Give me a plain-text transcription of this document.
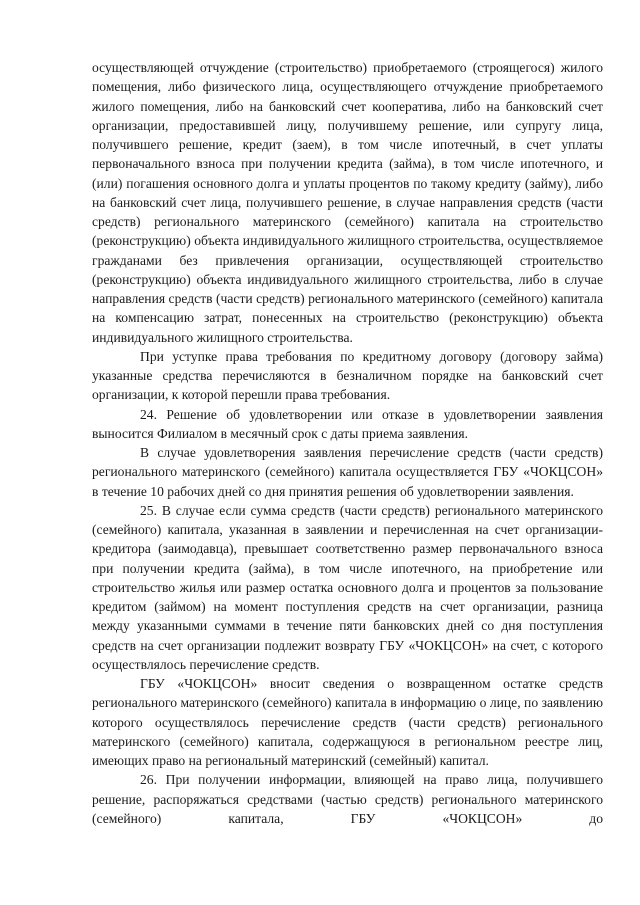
осуществляющей отчуждение (строительство) приобретаемого (строящегося) жилого помещения, либо физического лица, осуществляющего отчуждение приобретаемого жилого помещения, либо на банковский счет кооператива, либо на банковский счет организации, предоставившей лицу, получившему решение, или супругу лица, получившего решение, кредит (заем), в том числе ипотечный, в счет уплаты первоначального взноса при получении кредита (займа), в том числе ипотечного, и (или) погашения основного долга и уплаты процентов по такому кредиту (займу), либо на банковский счет лица, получившего решение, в случае направления средств (части средств) регионального материнского (семейного) капитала на строительство (реконструкцию) объекта индивидуального жилищного строительства, осуществляемое гражданами без привлечения организации, осуществляющей строительство (реконструкцию) объекта индивидуального жилищного строительства, либо в случае направления средств (части средств) регионального материнского (семейного) капитала на компенсацию затрат, понесенных на строительство (реконструкцию) объекта индивидуального жилищного строительства.

При уступке права требования по кредитному договору (договору займа) указанные средства перечисляются в безналичном порядке на банковский счет организации, к которой перешли права требования.

24. Решение об удовлетворении или отказе в удовлетворении заявления выносится Филиалом в месячный срок с даты приема заявления.

В случае удовлетворения заявления перечисление средств (части средств) регионального материнского (семейного) капитала осуществляется ГБУ «ЧОКЦСОН» в течение 10 рабочих дней со дня принятия решения об удовлетворении заявления.

25. В случае если сумма средств (части средств) регионального материнского (семейного) капитала, указанная в заявлении и перечисленная на счет организации-кредитора (заимодавца), превышает соответственно размер первоначального взноса при получении кредита (займа), в том числе ипотечного, на приобретение или строительство жилья или размер остатка основного долга и процентов за пользование кредитом (займом) на момент поступления средств на счет организации, разница между указанными суммами в течение пяти банковских дней со дня поступления средств на счет организации подлежит возврату ГБУ «ЧОКЦСОН» на счет, с которого осуществлялось перечисление средств.

ГБУ «ЧОКЦСОН» вносит сведения о возвращенном остатке средств регионального материнского (семейного) капитала в информацию о лице, по заявлению которого осуществлялось перечисление средств (части средств) регионального материнского (семейного) капитала, содержащуюся в региональном реестре лиц, имеющих право на региональный материнский (семейный) капитал.

26. При получении информации, влияющей на право лица, получившего решение, распоряжаться средствами (частью средств) регионального материнского (семейного) капитала, ГБУ «ЧОКЦСОН» до
